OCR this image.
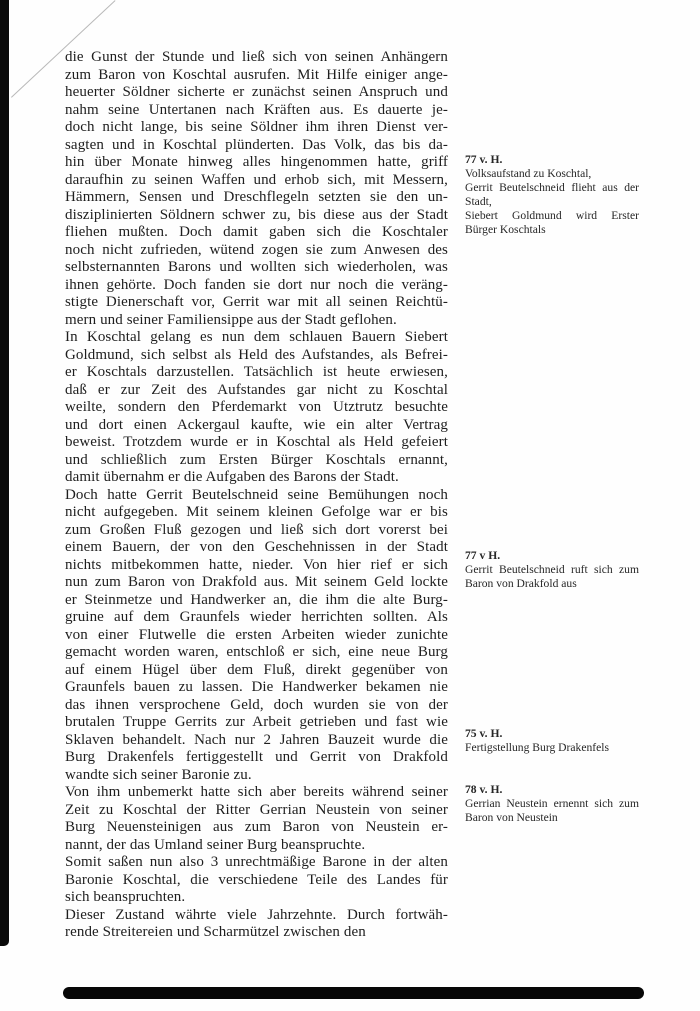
die Gunst der Stunde und ließ sich von seinen Anhängern
zum Baron von Koschtal ausrufen. Mit Hilfe einiger ange-
heuerter Söldner sicherte er zunächst seinen Anspruch und
nahm seine Untertanen nach Kräften aus. Es dauerte je-
doch nicht lange, bis seine Söldner ihm ihren Dienst ver-
sagten und in Koschtal plünderten. Das Volk, das bis da-
hin über Monate hinweg alles hingenommen hatte, griff
daraufhin zu seinen Waffen und erhob sich, mit Messern,
Hämmern, Sensen und Dreschflegeln setzten sie den un-
disziplinierten Söldnern schwer zu, bis diese aus der Stadt
fliehen mußten. Doch damit gaben sich die Koschtaler
noch nicht zufrieden, wütend zogen sie zum Anwesen des
selbsternannten Barons und wollten sich wiederholen, was
ihnen gehörte. Doch fanden sie dort nur noch die veräng-
stigte Dienerschaft vor, Gerrit war mit all seinen Reichtü-
mern und seiner Familiensippe aus der Stadt geflohen.
In Koschtal gelang es nun dem schlauen Bauern Siebert
Goldmund, sich selbst als Held des Aufstandes, als Befrei-
er Koschtals darzustellen. Tatsächlich ist heute erwiesen,
daß er zur Zeit des Aufstandes gar nicht zu Koschtal
weilte, sondern den Pferdemarkt von Utztrutz besuchte
und dort einen Ackergaul kaufte, wie ein alter Vertrag
beweist. Trotzdem wurde er in Koschtal als Held gefeiert
und schließlich zum Ersten Bürger Koschtals ernannt,
damit übernahm er die Aufgaben des Barons der Stadt.
Doch hatte Gerrit Beutelschneid seine Bemühungen noch
nicht aufgegeben. Mit seinem kleinen Gefolge war er bis
zum Großen Fluß gezogen und ließ sich dort vorerst bei
einem Bauern, der von den Geschehnissen in der Stadt
nichts mitbekommen hatte, nieder. Von hier rief er sich
nun zum Baron von Drakfold aus. Mit seinem Geld lockte
er Steinmetze und Handwerker an, die ihm die alte Burg-
gruine auf dem Graunfels wieder herrichten sollten. Als
von einer Flutwelle die ersten Arbeiten wieder zunichte
gemacht worden waren, entschloß er sich, eine neue Burg
auf einem Hügel über dem Fluß, direkt gegenüber von
Graunfels bauen zu lassen. Die Handwerker bekamen nie
das ihnen versprochene Geld, doch wurden sie von der
brutalen Truppe Gerrits zur Arbeit getrieben und fast wie
Sklaven behandelt. Nach nur 2 Jahren Bauzeit wurde die
Burg Drakenfels fertiggestellt und Gerrit von Drakfold
wandte sich seiner Baronie zu.
Von ihm unbemerkt hatte sich aber bereits während seiner
Zeit zu Koschtal der Ritter Gerrian Neustein von seiner
Burg Neuensteinigen aus zum Baron von Neustein er-
nannt, der das Umland seiner Burg beanspruchte.
Somit saßen nun also 3 unrechtmäßige Barone in der alten
Baronie Koschtal, die verschiedene Teile des Landes für
sich beanspruchten.
Dieser Zustand währte viele Jahrzehnte. Durch fortwäh-
rende Streitereien und Scharmützel zwischen den
77 v. H.
Volksaufstand zu Koschtal,
Gerrit Beutelschneid flieht aus der
Stadt,
Siebert Goldmund wird Erster
Bürger Koschtals
77 v H.
Gerrit Beutelschneid ruft sich zum
Baron von Drakfold aus
75 v. H.
Fertigstellung Burg Drakenfels
78 v. H.
Gerrian Neustein ernennt sich zum
Baron von Neustein
